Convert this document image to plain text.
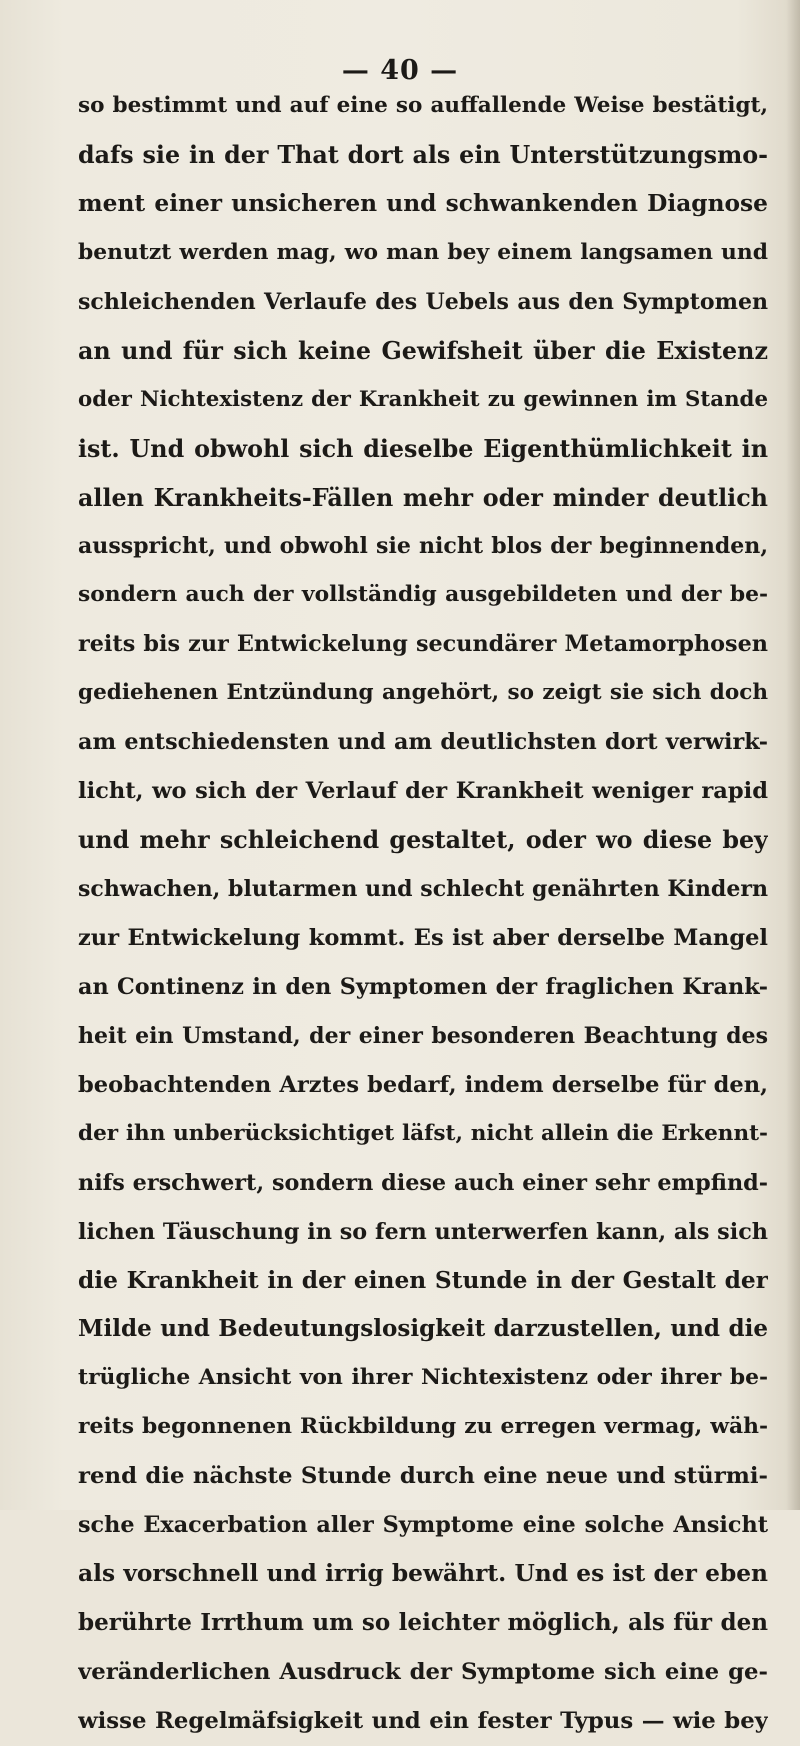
— 40 —

so bestimmt und auf eine so auffallende Weise bestätigt,
dafs sie in der That dort als ein Unterstützungsmo-
ment einer unsicheren und schwankenden Diagnose
benutzt werden mag, wo man bey einem langsamen und
schleichenden Verlaufe des Uebels aus den Symptomen
an und für sich keine Gewifsheit über die Existenz
oder Nichtexistenz der Krankheit zu gewinnen im Stande
ist. Und obwohl sich dieselbe Eigenthümlichkeit in
allen Krankheits-Fällen mehr oder minder deutlich
ausspricht, und obwohl sie nicht blos der beginnenden,
sondern auch der vollständig ausgebildeten und der be-
reits bis zur Entwickelung secundärer Metamorphosen
gediehenen Entzündung angehört, so zeigt sie sich doch
am entschiedensten und am deutlichsten dort verwirk-
licht, wo sich der Verlauf der Krankheit weniger rapid
und mehr schleichend gestaltet, oder wo diese bey
schwachen, blutarmen und schlecht genährten Kindern
zur Entwickelung kommt. Es ist aber derselbe Mangel
an Continenz in den Symptomen der fraglichen Krank-
heit ein Umstand, der einer besonderen Beachtung des
beobachtenden Arztes bedarf, indem derselbe für den,
der ihn unberücksichtiget läfst, nicht allein die Erkennt-
nifs erschwert, sondern diese auch einer sehr empfind-
lichen Täuschung in so fern unterwerfen kann, als sich
die Krankheit in der einen Stunde in der Gestalt der
Milde und Bedeutungslosigkeit darzustellen, und die
trügliche Ansicht von ihrer Nichtexistenz oder ihrer be-
reits begonnenen Rückbildung zu erregen vermag, wäh-
rend die nächste Stunde durch eine neue und stürmi-
sche Exacerbation aller Symptome eine solche Ansicht
als vorschnell und irrig bewährt. Und es ist der eben
berührte Irrthum um so leichter möglich, als für den
veränderlichen Ausdruck der Symptome sich eine ge-
wisse Regelmäfsigkeit und ein fester Typus — wie bey
